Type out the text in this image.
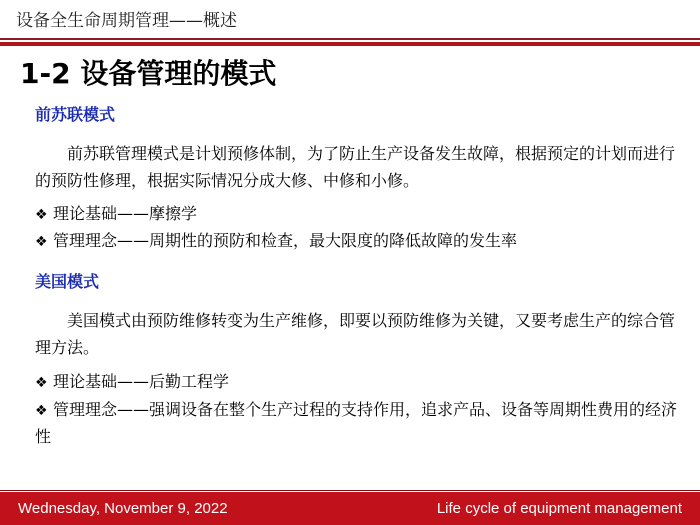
设备全生命周期管理——概述
1-2 设备管理的模式
前苏联模式
前苏联管理模式是计划预修体制，为了防止生产设备发生故障，根据预定的计划而进行的预防性修理，根据实际情况分成大修、中修和小修。
❖ 理论基础——摩擦学
❖ 管理理念——周期性的预防和检查，最大限度的降低故障的发生率
美国模式
美国模式由预防维修转变为生产维修，即要以预防维修为关键，又要考虑生产的综合管理方法。
❖ 理论基础——后勤工程学
❖ 管理理念——强调设备在整个生产过程的支持作用，追求产品、设备等周期性费用的经济性
Wednesday, November 9, 2022	Life cycle of equipment management
